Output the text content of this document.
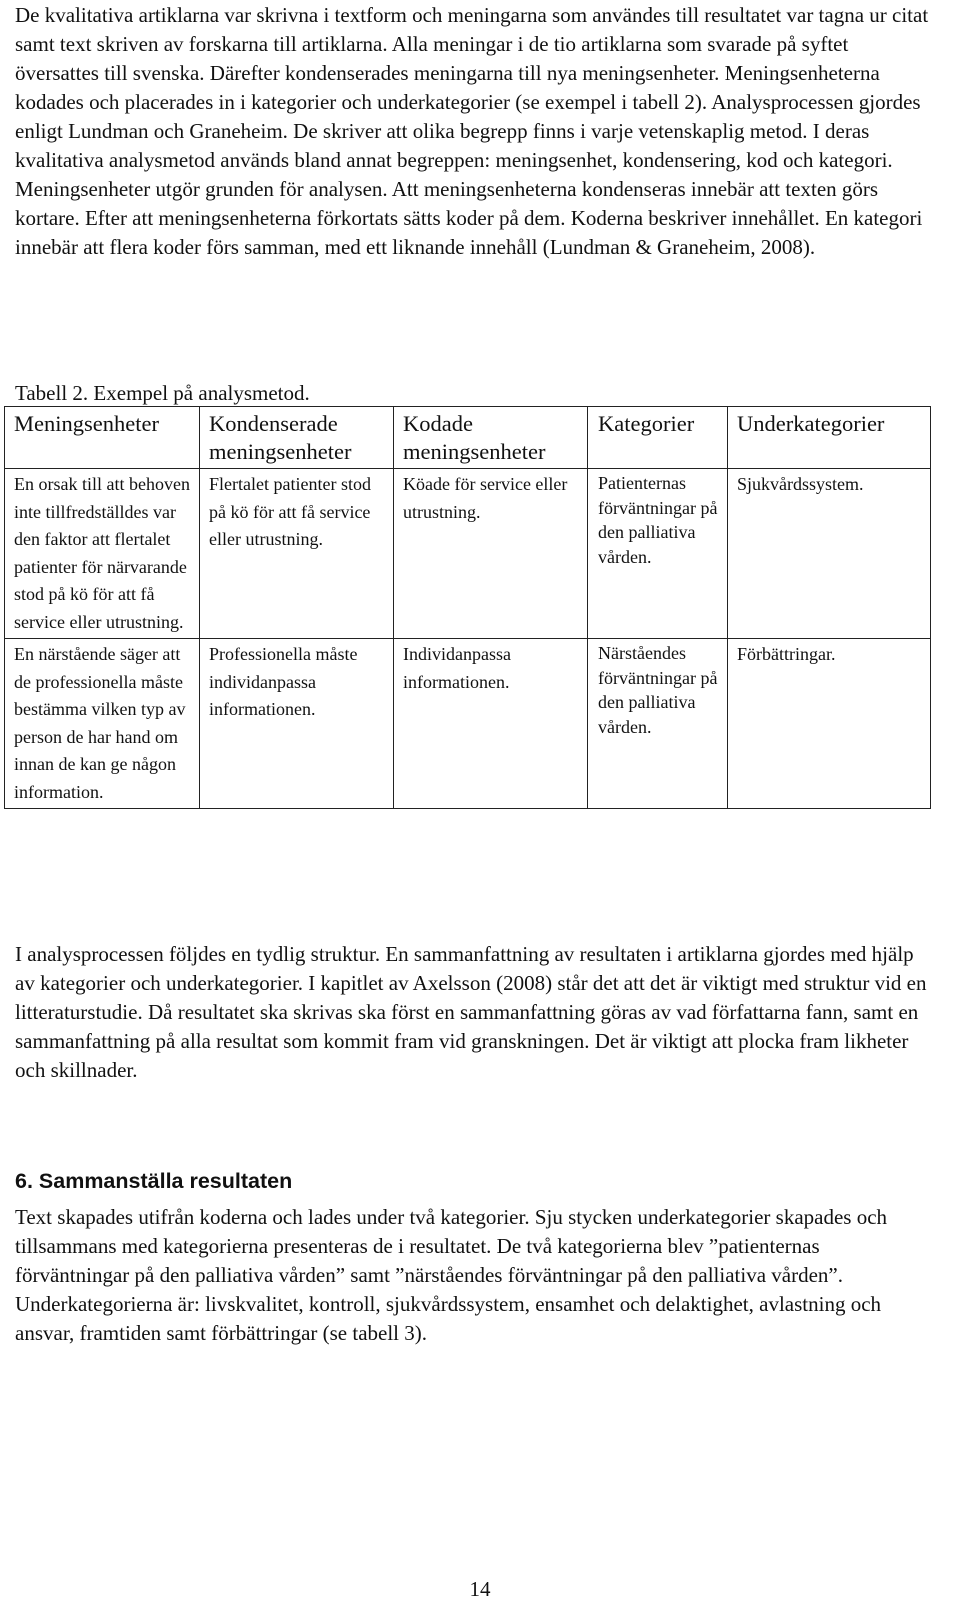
De kvalitativa artiklarna var skrivna i textform och meningarna som användes till resultatet var tagna ur citat samt text skriven av forskarna till artiklarna. Alla meningar i de tio artiklarna som svarade på syftet översattes till svenska. Därefter kondenserades meningarna till nya meningsenheter. Meningsenheterna kodades och placerades in i kategorier och underkategorier (se exempel i tabell 2). Analysprocessen gjordes enligt Lundman och Graneheim. De skriver att olika begrepp finns i varje vetenskaplig metod. I deras kvalitativa analysmetod används bland annat begreppen: meningsenhet, kondensering, kod och kategori. Meningsenheter utgör grunden för analysen. Att meningsenheterna kondenseras innebär att texten görs kortare. Efter att meningsenheterna förkortats sätts koder på dem. Koderna beskriver innehållet. En kategori innebär att flera koder förs samman, med ett liknande innehåll (Lundman & Graneheim, 2008).

Tabell 2. Exempel på analysmetod.

Meningsenheter	Kondenserade meningsenheter	Kodade meningsenheter	Kategorier	Underkategorier
En orsak till att behoven inte tillfredställdes var den faktor att flertalet patienter för närvarande stod på kö för att få service eller utrustning.	Flertalet patienter stod på kö för att få service eller utrustning.	Köade för service eller utrustning.	Patienternas förväntningar på den palliativa vården.	Sjukvårdssystem.
En närstående säger att de professionella måste bestämma vilken typ av person de har hand om innan de kan ge någon information.	Professionella måste individanpassa informationen.	Individanpassa informationen.	Närståendes förväntningar på den palliativa vården.	Förbättringar.

I analysprocessen följdes en tydlig struktur. En sammanfattning av resultaten i artiklarna gjordes med hjälp av kategorier och underkategorier. I kapitlet av Axelsson (2008) står det att det är viktigt med struktur vid en litteraturstudie. Då resultatet ska skrivas ska först en sammanfattning göras av vad författarna fann, samt en sammanfattning på alla resultat som kommit fram vid granskningen. Det är viktigt att plocka fram likheter och skillnader.

6. Sammanställa resultaten

Text skapades utifrån koderna och lades under två kategorier. Sju stycken underkategorier skapades och tillsammans med kategorierna presenteras de i resultatet. De två kategorierna blev ”patienternas förväntningar på den palliativa vården” samt ”närståendes förväntningar på den palliativa vården”. Underkategorierna är: livskvalitet, kontroll, sjukvårdssystem, ensamhet och delaktighet, avlastning och ansvar, framtiden samt förbättringar (se tabell 3).

14
